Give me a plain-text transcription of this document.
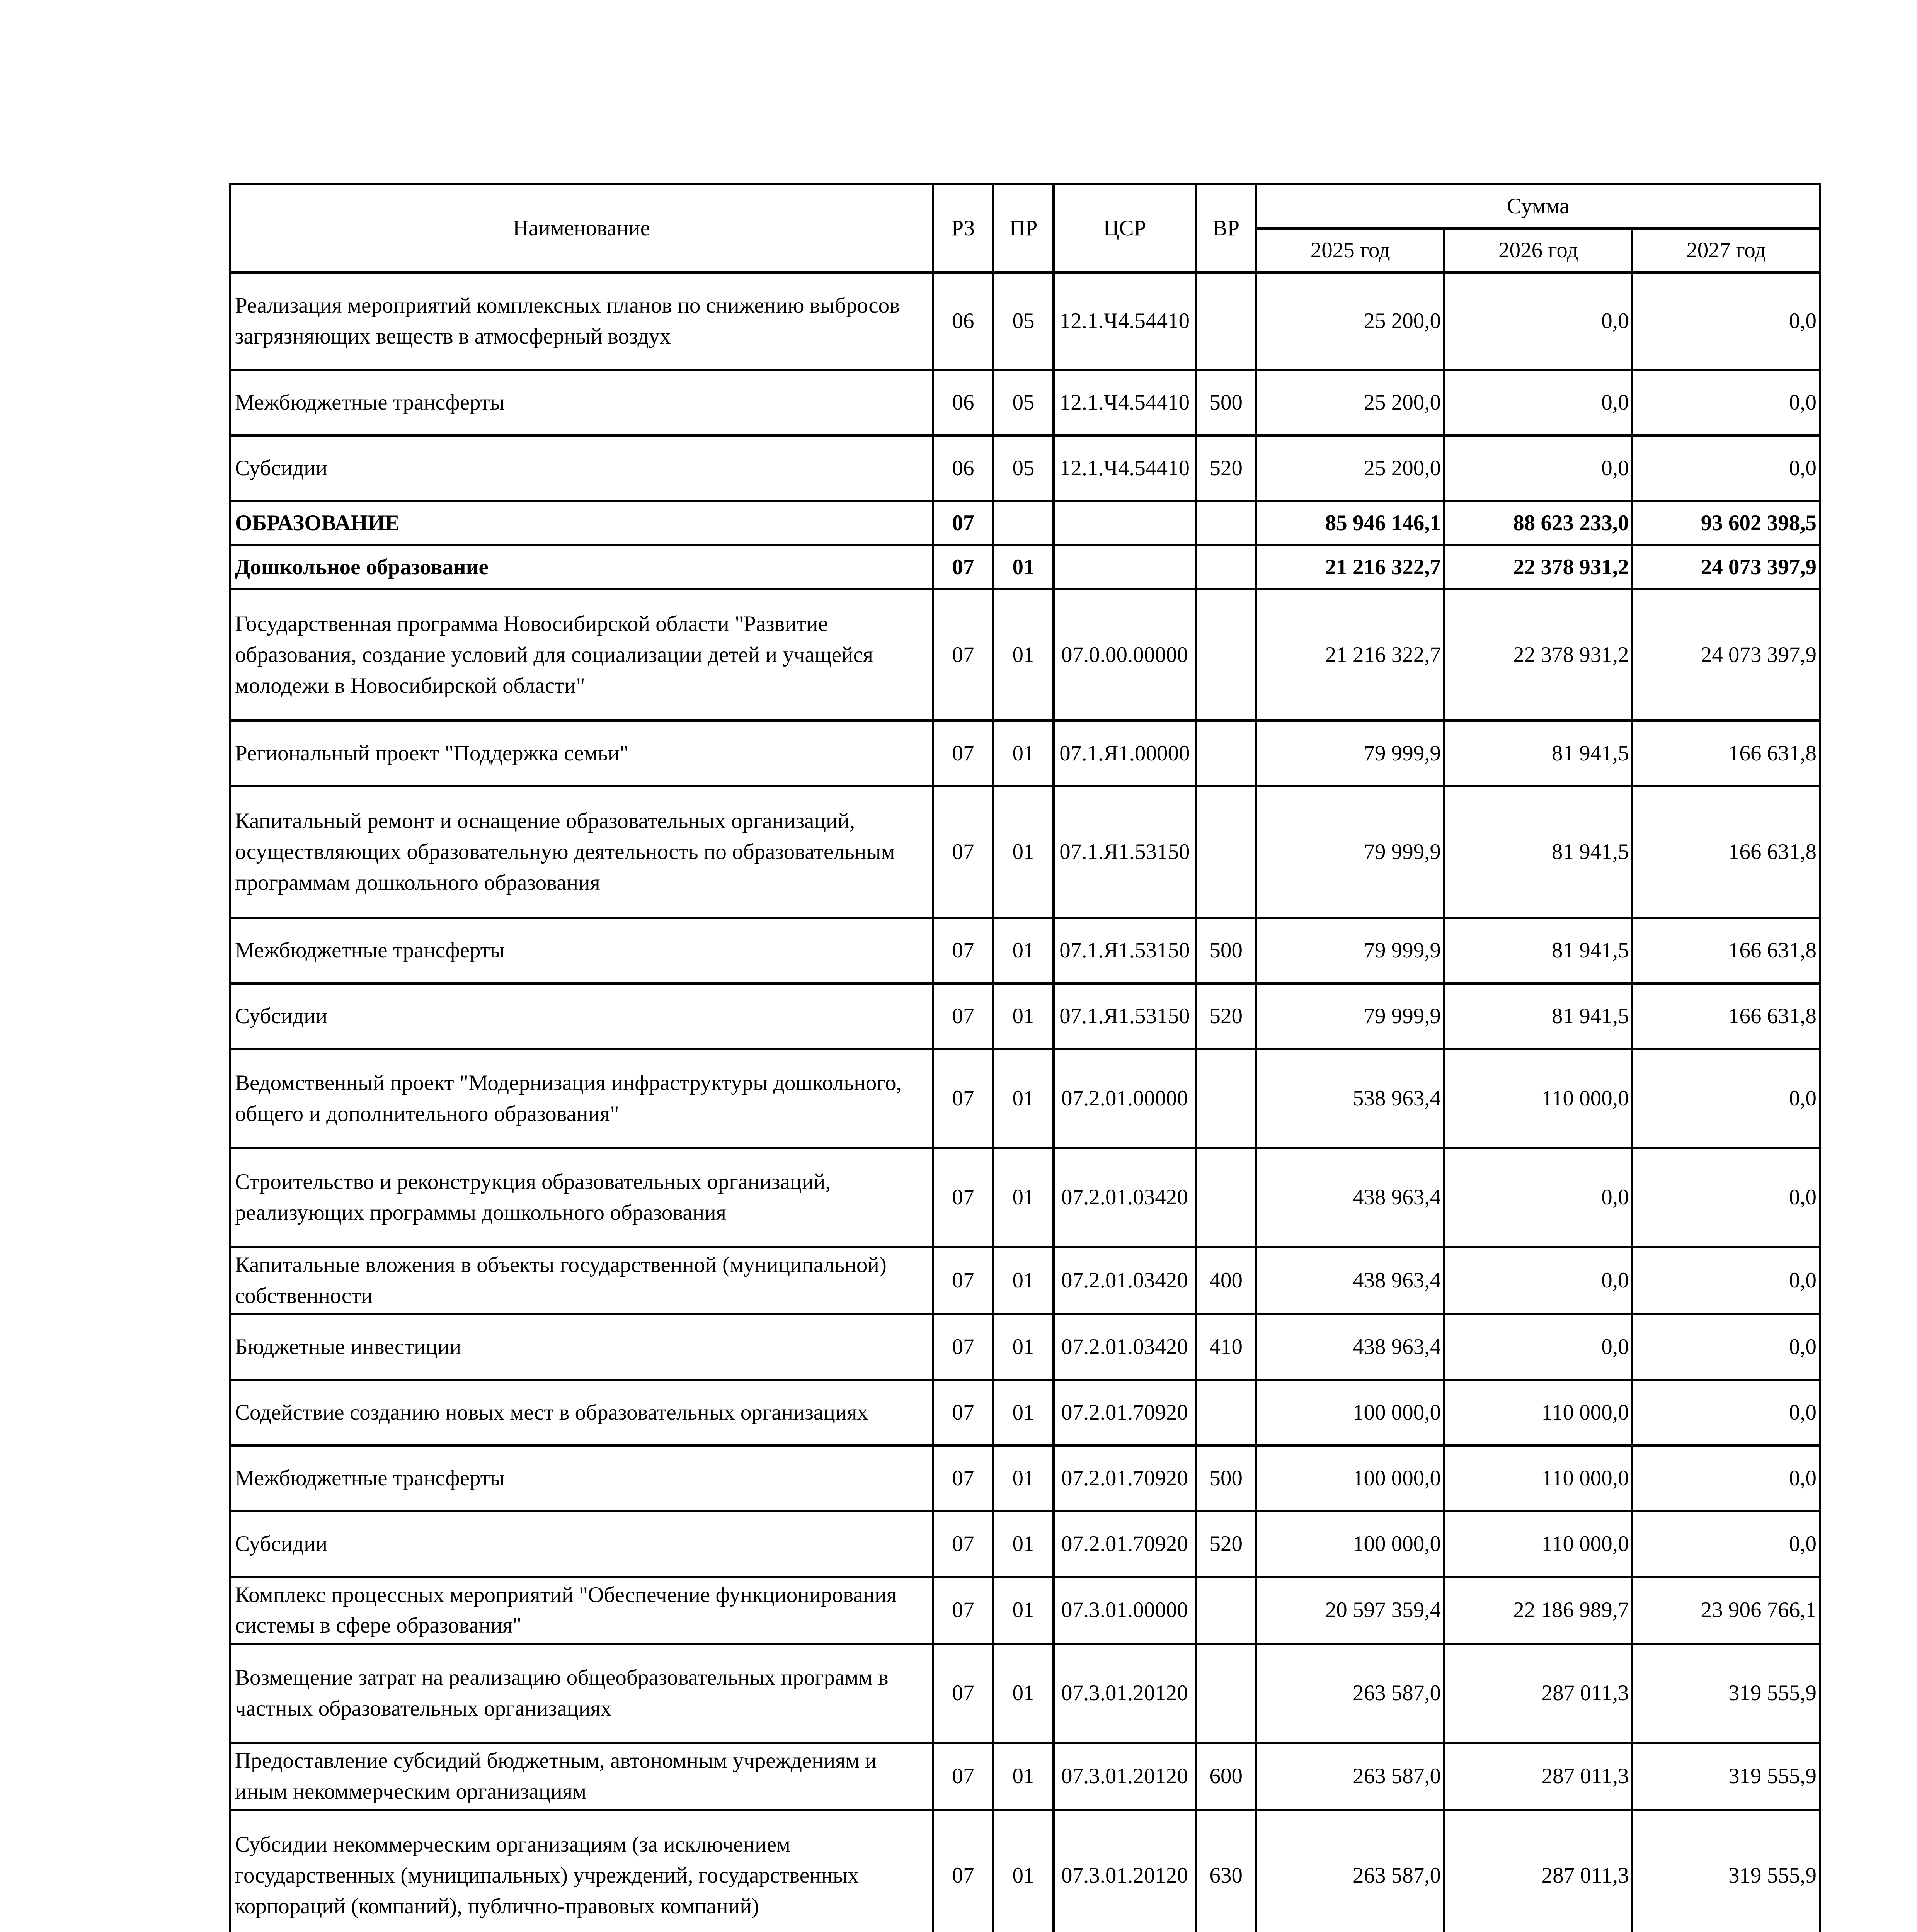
Наименование	РЗ	ПР	ЦСР	ВР	Сумма		
					2025 год	2026 год	2027 год
Реализация мероприятий комплексных планов по снижению выбросов загрязняющих веществ в атмосферный воздух	06	05	12.1.Ч4.54410		25 200,0	0,0	0,0
Межбюджетные трансферты	06	05	12.1.Ч4.54410	500	25 200,0	0,0	0,0
Субсидии	06	05	12.1.Ч4.54410	520	25 200,0	0,0	0,0
ОБРАЗОВАНИЕ	07				85 946 146,1	88 623 233,0	93 602 398,5
Дошкольное образование	07	01			21 216 322,7	22 378 931,2	24 073 397,9
Государственная программа Новосибирской области "Развитие образования, создание условий для социализации детей и учащейся молодежи в Новосибирской области"	07	01	07.0.00.00000		21 216 322,7	22 378 931,2	24 073 397,9
Региональный проект "Поддержка семьи"	07	01	07.1.Я1.00000		79 999,9	81 941,5	166 631,8
Капитальный ремонт и оснащение образовательных организаций, осуществляющих образовательную деятельность по образовательным программам дошкольного образования	07	01	07.1.Я1.53150		79 999,9	81 941,5	166 631,8
Межбюджетные трансферты	07	01	07.1.Я1.53150	500	79 999,9	81 941,5	166 631,8
Субсидии	07	01	07.1.Я1.53150	520	79 999,9	81 941,5	166 631,8
Ведомственный проект "Модернизация инфраструктуры дошкольного, общего и дополнительного образования"	07	01	07.2.01.00000		538 963,4	110 000,0	0,0
Строительство и реконструкция образовательных организаций, реализующих программы дошкольного образования	07	01	07.2.01.03420		438 963,4	0,0	0,0
Капитальные вложения в объекты государственной (муниципальной) собственности	07	01	07.2.01.03420	400	438 963,4	0,0	0,0
Бюджетные инвестиции	07	01	07.2.01.03420	410	438 963,4	0,0	0,0
Содействие созданию новых мест в образовательных организациях	07	01	07.2.01.70920		100 000,0	110 000,0	0,0
Межбюджетные трансферты	07	01	07.2.01.70920	500	100 000,0	110 000,0	0,0
Субсидии	07	01	07.2.01.70920	520	100 000,0	110 000,0	0,0
Комплекс процессных мероприятий "Обеспечение функционирования системы в сфере образования"	07	01	07.3.01.00000		20 597 359,4	22 186 989,7	23 906 766,1
Возмещение затрат на реализацию общеобразовательных программ в частных образовательных организациях	07	01	07.3.01.20120		263 587,0	287 011,3	319 555,9
Предоставление субсидий бюджетным, автономным учреждениям и иным некоммерческим организациям	07	01	07.3.01.20120	600	263 587,0	287 011,3	319 555,9
Субсидии некоммерческим организациям (за исключением государственных (муниципальных) учреждений, государственных корпораций (компаний), публично-правовых компаний)	07	01	07.3.01.20120	630	263 587,0	287 011,3	319 555,9
